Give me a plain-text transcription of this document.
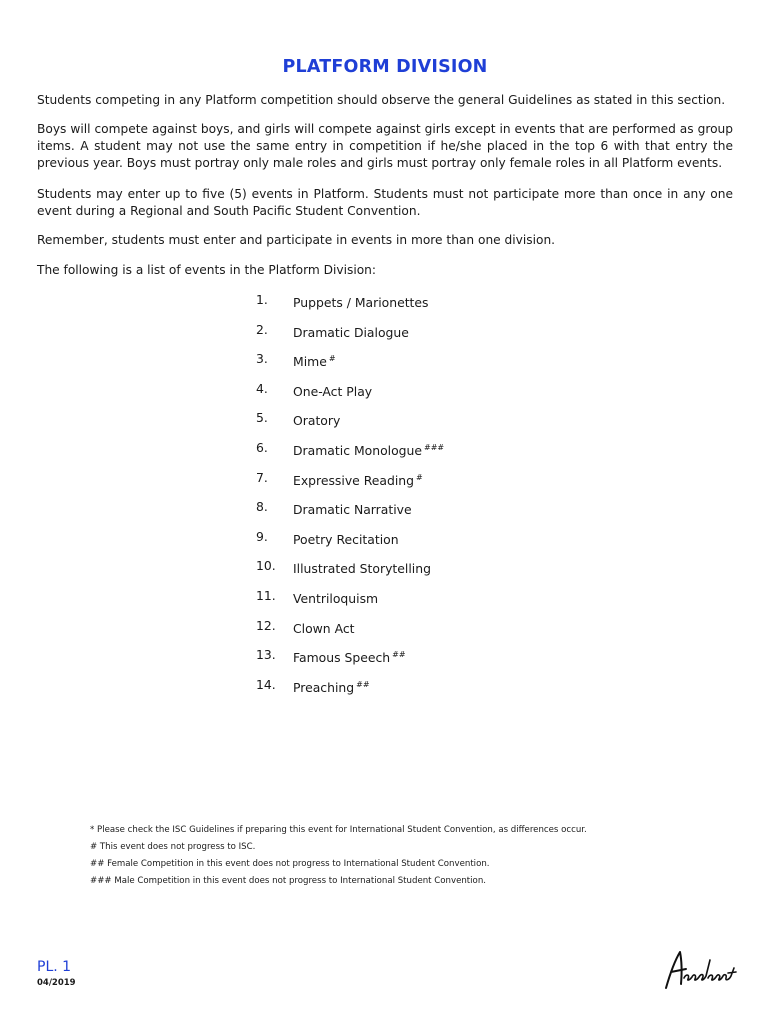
PLATFORM DIVISION

Students competing in any Platform competition should observe the general Guidelines as stated in this section.

Boys will compete against boys, and girls will compete against girls except in events that are performed as group items. A student may not use the same entry in competition if he/she placed in the top 6 with that entry the previous year. Boys must portray only male roles and girls must portray only female roles in all Platform events.

Students may enter up to five (5) events in Platform. Students must not participate more than once in any one event during a Regional and South Pacific Student Convention.

Remember, students must enter and participate in events in more than one division.

The following is a list of events in the Platform Division:

1. Puppets / Marionettes
2. Dramatic Dialogue
3. Mime #
4. One-Act Play
5. Oratory
6. Dramatic Monologue ###
7. Expressive Reading #
8. Dramatic Narrative
9. Poetry Recitation
10. Illustrated Storytelling
11. Ventriloquism
12. Clown Act
13. Famous Speech ##
14. Preaching ##
* Please check the ISC Guidelines if preparing this event for International Student Convention, as differences occur.
# This event does not progress to ISC.
## Female Competition in this event does not progress to International Student Convention.
### Male Competition in this event does not progress to International Student Convention.
PL. 1
04/2019
